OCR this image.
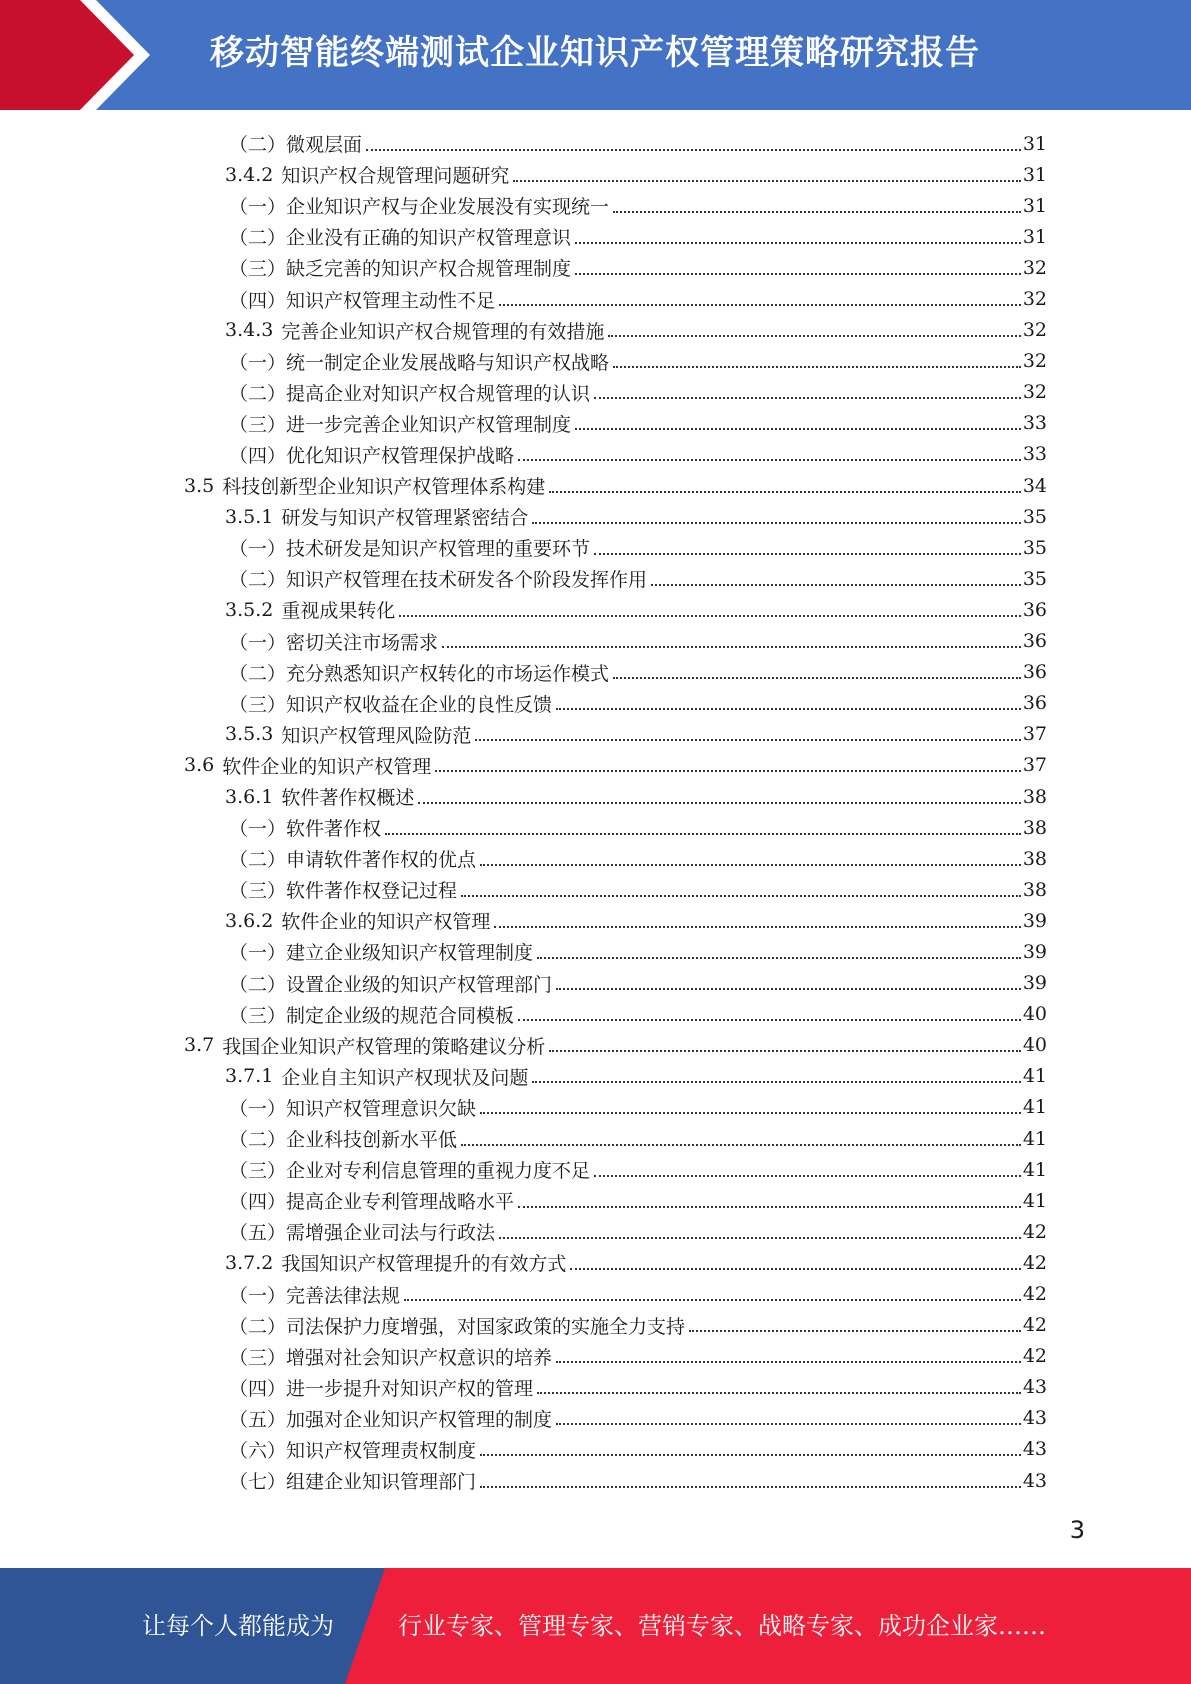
移动智能终端测试企业知识产权管理策略研究报告
（二）微观层面	31
3.4.2 知识产权合规管理问题研究	31
（一）企业知识产权与企业发展没有实现统一	31
（二）企业没有正确的知识产权管理意识	31
（三）缺乏完善的知识产权合规管理制度	32
（四）知识产权管理主动性不足	32
3.4.3 完善企业知识产权合规管理的有效措施	32
（一）统一制定企业发展战略与知识产权战略	32
（二）提高企业对知识产权合规管理的认识	32
（三）进一步完善企业知识产权管理制度	33
（四）优化知识产权管理保护战略	33
3.5 科技创新型企业知识产权管理体系构建	34
3.5.1 研发与知识产权管理紧密结合	35
（一）技术研发是知识产权管理的重要环节	35
（二）知识产权管理在技术研发各个阶段发挥作用	35
3.5.2 重视成果转化	36
（一）密切关注市场需求	36
（二）充分熟悉知识产权转化的市场运作模式	36
（三）知识产权收益在企业的良性反馈	36
3.5.3 知识产权管理风险防范	37
3.6 软件企业的知识产权管理	37
3.6.1 软件著作权概述	38
（一）软件著作权	38
（二）申请软件著作权的优点	38
（三）软件著作权登记过程	38
3.6.2 软件企业的知识产权管理	39
（一）建立企业级知识产权管理制度	39
（二）设置企业级的知识产权管理部门	39
（三）制定企业级的规范合同模板	40
3.7 我国企业知识产权管理的策略建议分析	40
3.7.1 企业自主知识产权现状及问题	41
（一）知识产权管理意识欠缺	41
（二）企业科技创新水平低	41
（三）企业对专利信息管理的重视力度不足	41
（四）提高企业专利管理战略水平	41
（五）需增强企业司法与行政法	42
3.7.2 我国知识产权管理提升的有效方式	42
（一）完善法律法规	42
（二）司法保护力度增强，对国家政策的实施全力支持	42
（三）增强对社会知识产权意识的培养	42
（四）进一步提升对知识产权的管理	43
（五）加强对企业知识产权管理的制度	43
（六）知识产权管理责权制度	43
（七）组建企业知识管理部门	43
3
让每个人都能成为	行业专家、管理专家、营销专家、战略专家、成功企业家……
